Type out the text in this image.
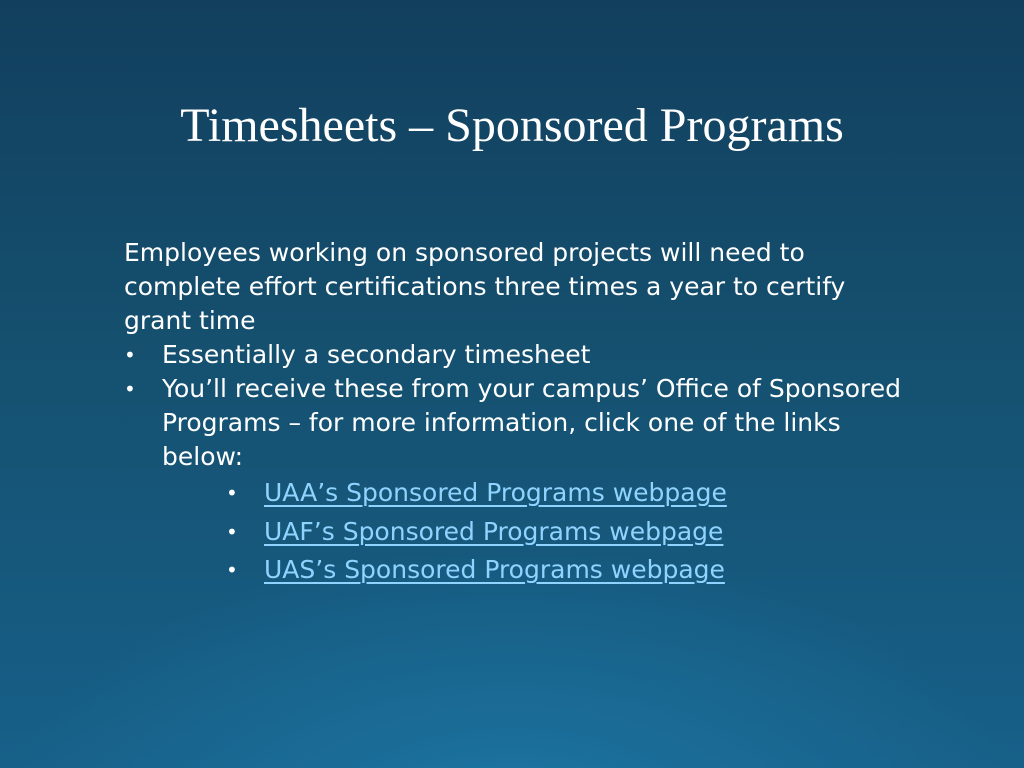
Timesheets – Sponsored Programs

Employees working on sponsored projects will need to complete effort certifications three times a year to certify grant time

• Essentially a secondary timesheet
• You’ll receive these from your campus’ Office of Sponsored Programs – for more information, click one of the links below:
• UAA’s Sponsored Programs webpage
• UAF’s Sponsored Programs webpage
• UAS’s Sponsored Programs webpage
